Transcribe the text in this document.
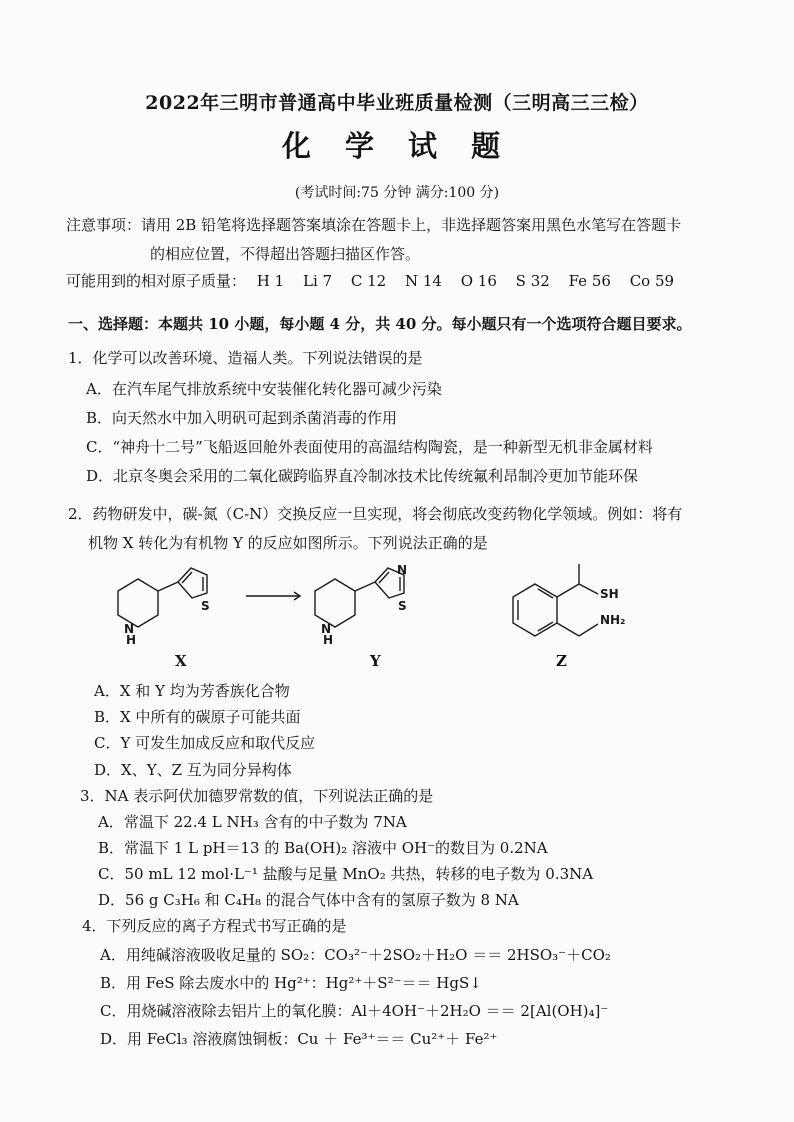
2022年三明市普通高中毕业班质量检测（三明高三三检）
化 学 试 题
(考试时间:75 分钟 满分:100 分)
注意事项：请用 2B 铅笔将选择题答案填涂在答题卡上，非选择题答案用黑色水笔写在答题卡
的相应位置，不得超出答题扫描区作答。
可能用到的相对原子质量： H 1 Li 7 C 12 N 14 O 16 S 32 Fe 56 Co 59
一、选择题：本题共 10 小题，每小题 4 分，共 40 分。每小题只有一个选项符合题目要求。
1．化学可以改善环境、造福人类。下列说法错误的是
A．在汽车尾气排放系统中安装催化转化器可减少污染
B．向天然水中加入明矾可起到杀菌消毒的作用
C．“神舟十二号”飞船返回舱外表面使用的高温结构陶瓷，是一种新型无机非金属材料
D．北京冬奥会采用的二氧化碳跨临界直冷制冰技术比传统氟利昂制冷更加节能环保
2．药物研发中，碳-氮（C-N）交换反应一旦实现，将会彻底改变药物化学领域。例如：将有
机物 X 转化为有机物 Y 的反应如图所示。下列说法正确的是
N
H
S
N
H
N
S
SH
NH₂
X	Y	Z
A．X 和 Y 均为芳香族化合物
B．X 中所有的碳原子可能共面
C．Y 可发生加成反应和取代反应
D．X、Y、Z 互为同分异构体
3．NA 表示阿伏加德罗常数的值，下列说法正确的是
A．常温下 22.4 L NH₃ 含有的中子数为 7NA
B．常温下 1 L pH＝13 的 Ba(OH)₂ 溶液中 OH⁻的数目为 0.2NA
C．50 mL 12 mol·L⁻¹ 盐酸与足量 MnO₂ 共热，转移的电子数为 0.3NA
D．56 g C₃H₆ 和 C₄H₈ 的混合气体中含有的氢原子数为 8 NA
4．下列反应的离子方程式书写正确的是
A．用纯碱溶液吸收足量的 SO₂：CO₃²⁻＋2SO₂＋H₂O ＝＝ 2HSO₃⁻＋CO₂
B．用 FeS 除去废水中的 Hg²⁺：Hg²⁺＋S²⁻＝＝ HgS↓
C．用烧碱溶液除去铝片上的氧化膜：Al＋4OH⁻＋2H₂O ＝＝ 2[Al(OH)₄]⁻
D．用 FeCl₃ 溶液腐蚀铜板：Cu ＋ Fe³⁺＝＝ Cu²⁺＋ Fe²⁺
